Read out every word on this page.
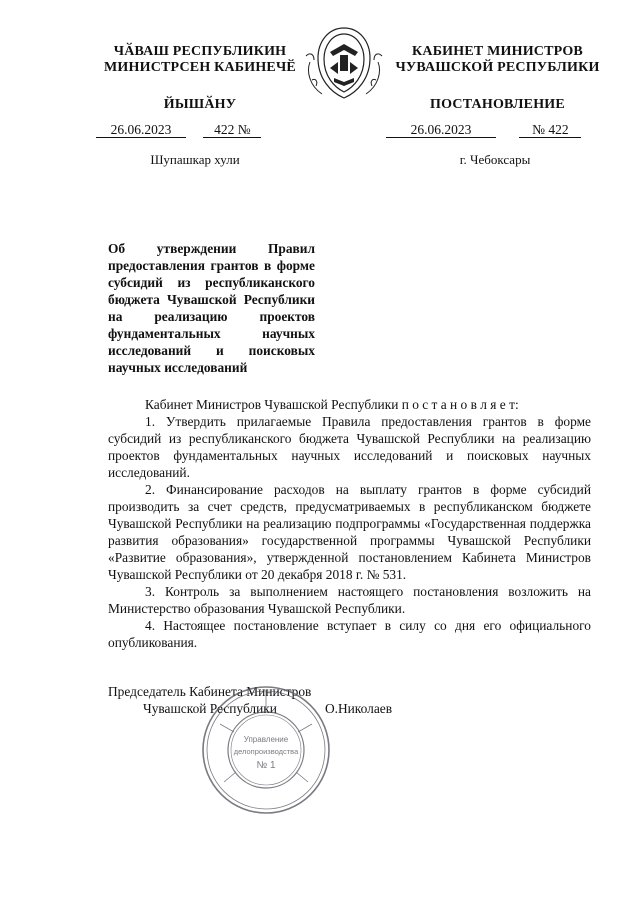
ЧӐВАШ РЕСПУБЛИКИН
МИНИСТРСЕН КАБИНЕЧӖ
ЙЫШӐНУ
КАБИНЕТ МИНИСТРОВ
ЧУВАШСКОЙ РЕСПУБЛИКИ
ПОСТАНОВЛЕНИЕ
26.06.2023	422 №	26.06.2023	№ 422
Шупашкар хули	г. Чебоксары
Об утверждении Правил предоставления грантов в форме субсидий из республиканского бюджета Чувашской Республики на реализацию проектов фундаментальных научных исследований и поисковых научных исследований

Кабинет Министров Чувашской Республики п о с т а н о в л я е т:

1. Утвердить прилагаемые Правила предоставления грантов в форме субсидий из республиканского бюджета Чувашской Республики на реализацию проектов фундаментальных научных исследований и поисковых научных исследований.

2. Финансирование расходов на выплату грантов в форме субсидий производить за счет средств, предусматриваемых в республиканском бюджете Чувашской Республики на реализацию подпрограммы «Государственная поддержка развития образования» государственной программы Чувашской Республики «Развитие образования», утвержденной постановлением Кабинета Министров Чувашской Республики от 20 декабря 2018 г. № 531.

3. Контроль за выполнением настоящего постановления возложить на Министерство образования Чувашской Республики.

4. Настоящее постановление вступает в силу со дня его официального опубликования.

Председатель Кабинета Министров
Чувашской Республики	О.Николаев
Управление
делопроизводства
№ 1
